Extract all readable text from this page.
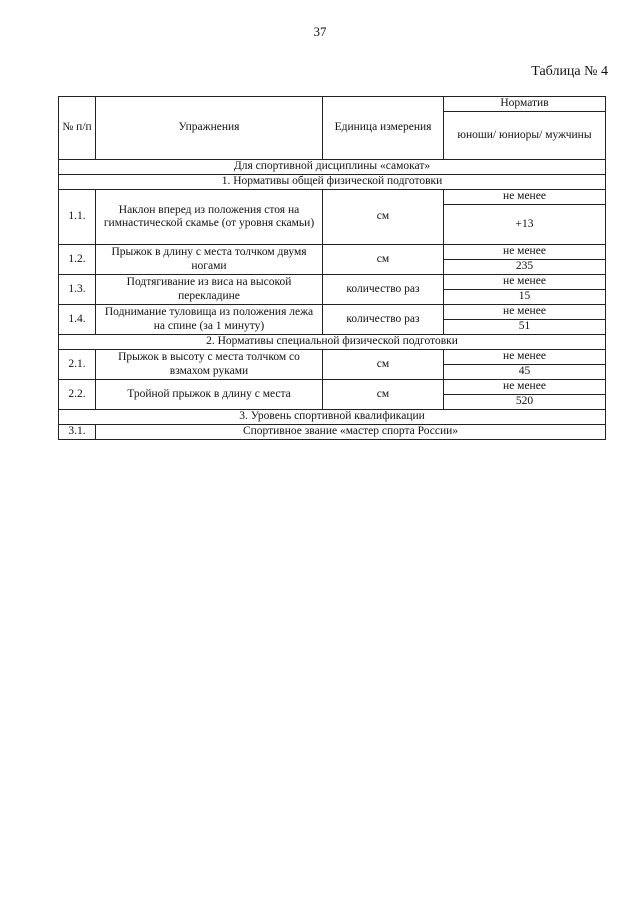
37
Таблица № 4
№ п/п	Упражнения	Единица измерения	Норматив
			юноши/ юниоры/ мужчины
Для спортивной дисциплины «самокат»			
1. Нормативы общей физической подготовки			
1.1.	Наклон вперед из положения стоя на гимнастической скамье (от уровня скамьи)	см	не менее
			+13
1.2.	Прыжок в длину с места толчком двумя ногами	см	не менее
			235
1.3.	Подтягивание из виса на высокой перекладине	количество раз	не менее
			15
1.4.	Поднимание туловища из положения лежа на спине (за 1 минуту)	количество раз	не менее
			51
2. Нормативы специальной физической подготовки			
2.1.	Прыжок в высоту с места толчком со взмахом руками	см	не менее
			45
2.2.	Тройной прыжок в длину с места	см	не менее
			520
3. Уровень спортивной квалификации			
3.1.	Спортивное звание «мастер спорта России»		
